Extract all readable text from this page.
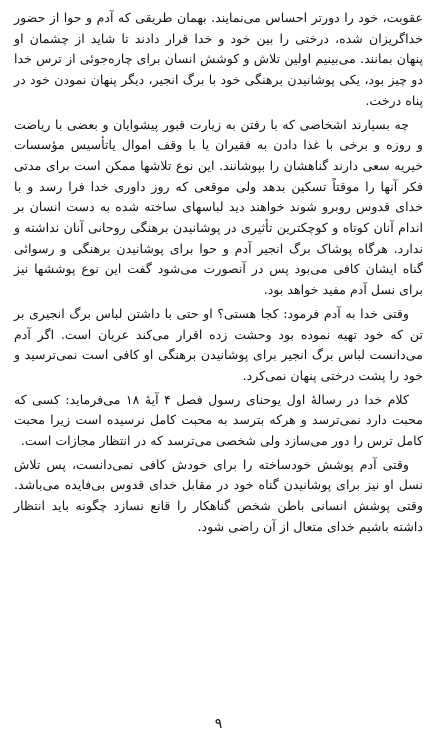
عقوبت، خود را دورتر احساس می‌نمایند. بهمان طریقی که آدم و حوا از حضور خداگریزان شده، درختی را بین خود و خدا قرار دادند تا شاید از چشمان او پنهان بمانند. می‌بینیم اولین تلاش و کوشش انسان برای چاره‌جوئی از ترس خدا دو چیز بود، یکی پوشانیدن برهنگی خود با برگ انجیر، دیگر پنهان نمودن خود در پناه درخت.

چه بسیارند اشخاصی که با رفتن به زیارت قبور پیشوایان و بعضی با ریاضت و روزه و برخی با غذا دادن به فقیران یا با وقف اموال یاتأسیس مؤسسات خیریه سعی دارند گناهشان را بپوشانند. این نوع تلاشها ممکن است برای مدتی فکر آنها را موقتاً تسکین بدهد ولی موقعی که روز داوری خدا فرا رسد و با خدای قدوس روبرو شوند خواهند دید لباسهای ساخته شده به دست انسان بر اندام آنان کوتاه و کوچکترین تأثیری در پوشانیدن برهنگی روحانی آنان نداشته و ندارد. هرگاه پوشاک برگ انجیر آدم و حوا برای پوشانیدن برهنگی و رسوائی گناه ایشان کافی می‌بود پس در آنصورت می‌شود گفت این نوع پوششها نیز برای نسل آدم مفید خواهد بود.

وقتی خدا به آدم فرمود: کجا هستی؟ او حتی با داشتن لباس برگ انجیری بر تن که خود تهیه نموده بود وحشت زده اقرار می‌کند عریان است. اگر آدم می‌دانست لباس برگ انجیر برای پوشانیدن برهنگی او کافی است نمی‌ترسید و خود را پشت درختی پنهان نمی‌کرد.

کلام خدا در رسالهٔ اول یوحنای رسول فصل ۴ آیهٔ ۱۸ می‌فرماید: کسی که محبت دارد نمی‌ترسد و هرکه بترسد به محبت کامل نرسیده است زیرا محبت کامل ترس را دور می‌سازد ولی شخصی می‌ترسد که در انتظار مجازات است.

وقتی آدم پوشش خودساخته را برای خودش کافی نمی‌دانست، پس تلاش نسل او نیز برای پوشانیدن گناه خود در مقابل خدای قدوس بی‌فایده می‌باشد. وقتی پوشش انسانی باطن شخص گناهکار را قانع نسازد چگونه باید انتظار داشته باشیم خدای متعال از آن راضی شود.

۹
